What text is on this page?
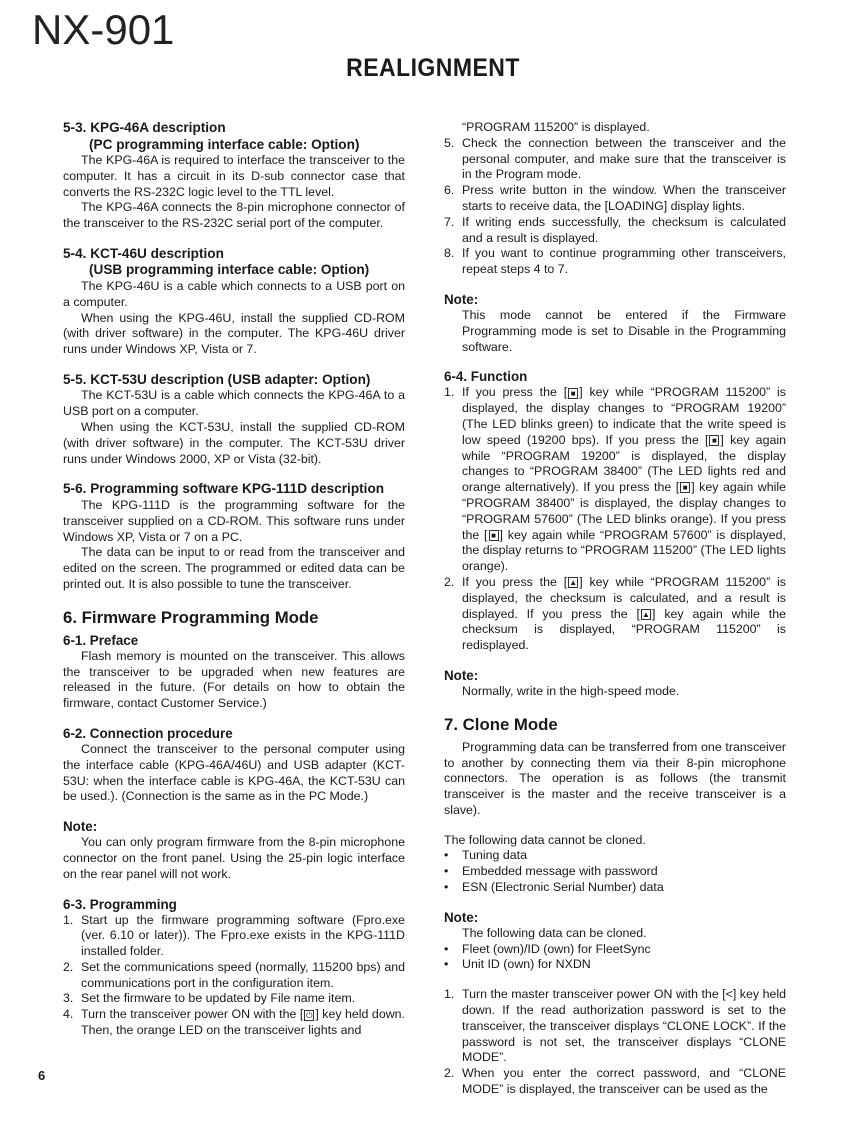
NX-901
REALIGNMENT
5-3. KPG-46A description
(PC programming interface cable: Option)

The KPG-46A is required to interface the transceiver to the computer. It has a circuit in its D-sub connector case that converts the RS-232C logic level to the TTL level.

The KPG-46A connects the 8-pin microphone connector of the transceiver to the RS-232C serial port of the computer.

5-4. KCT-46U description
(USB programming interface cable: Option)

The KPG-46U is a cable which connects to a USB port on a computer.

When using the KPG-46U, install the supplied CD-ROM (with driver software) in the computer. The KPG-46U driver runs under Windows XP, Vista or 7.

5-5. KCT-53U description (USB adapter: Option)

The KCT-53U is a cable which connects the KPG-46A to a USB port on a computer.

When using the KCT-53U, install the supplied CD-ROM (with driver software) in the computer. The KCT-53U driver runs under Windows 2000, XP or Vista (32-bit).

5-6. Programming software KPG-111D description

The KPG-111D is the programming software for the transceiver supplied on a CD-ROM. This software runs under Windows XP, Vista or 7 on a PC.

The data can be input to or read from the transceiver and edited on the screen. The programmed or edited data can be printed out. It is also possible to tune the transceiver.

6. Firmware Programming Mode
6-1. Preface

Flash memory is mounted on the transceiver. This allows the transceiver to be upgraded when new features are released in the future. (For details on how to obtain the firmware, contact Customer Service.)

6-2. Connection procedure

Connect the transceiver to the personal computer using the interface cable (KPG-46A/46U) and USB adapter (KCT-53U: when the interface cable is KPG-46A, the KCT-53U can be used.). (Connection is the same as in the PC Mode.)

Note:

You can only program firmware from the 8-pin microphone connector on the front panel. Using the 25-pin logic interface on the rear panel will not work.

6-3. Programming
1. Start up the firmware programming software (Fpro.exe (ver. 6.10 or later)). The Fpro.exe exists in the KPG-111D installed folder.
2. Set the communications speed (normally, 115200 bps) and communications port in the configuration item.
3. Set the firmware to be updated by File name item.
4. Turn the transceiver power ON with the [ ⏻ ] key held down. Then, the orange LED on the transceiver lights and

“PROGRAM 115200” is displayed.

5. Check the connection between the transceiver and the personal computer, and make sure that the transceiver is in the Program mode.
6. Press write button in the window. When the transceiver starts to receive data, the [LOADING] display lights.
7. If writing ends successfully, the checksum is calculated and a result is displayed.
8. If you want to continue programming other transceivers, repeat steps 4 to 7.
Note:

This mode cannot be entered if the Firmware Programming mode is set to Disable in the Programming software.

6-4. Function
1. If you press the [ ■ ] key while “PROGRAM 115200” is displayed, the display changes to “PROGRAM 19200” (The LED blinks green) to indicate that the write speed is low speed (19200 bps). If you press the [ ■ ] key again while “PROGRAM 19200” is displayed, the display changes to “PROGRAM 38400” (The LED lights red and orange alternatively). If you press the [ ■ ] key again while “PROGRAM 38400” is displayed, the display changes to “PROGRAM 57600” (The LED blinks orange). If you press the [ ■ ] key again while “PROGRAM 57600” is displayed, the display returns to “PROGRAM 115200” (The LED lights orange).
2. If you press the [ ▲ ] key while “PROGRAM 115200” is displayed, the checksum is calculated, and a result is displayed. If you press the [ ▲ ] key again while the checksum is displayed, “PROGRAM 115200” is redisplayed.
Note:

Normally, write in the high-speed mode.

7. Clone Mode

Programming data can be transferred from one transceiver to another by connecting them via their 8-pin microphone connectors. The operation is as follows (the transmit transceiver is the master and the receive transceiver is a slave).

The following data cannot be cloned.

• Tuning data
• Embedded message with password
• ESN (Electronic Serial Number) data
Note:

The following data can be cloned.

• Fleet (own)/ID (own) for FleetSync
• Unit ID (own) for NXDN
1. Turn the master transceiver power ON with the [<] key held down. If the read authorization password is set to the transceiver, the transceiver displays “CLONE LOCK”. If the password is not set, the transceiver displays “CLONE MODE”.
2. When you enter the correct password, and “CLONE MODE” is displayed, the transceiver can be used as the
6
